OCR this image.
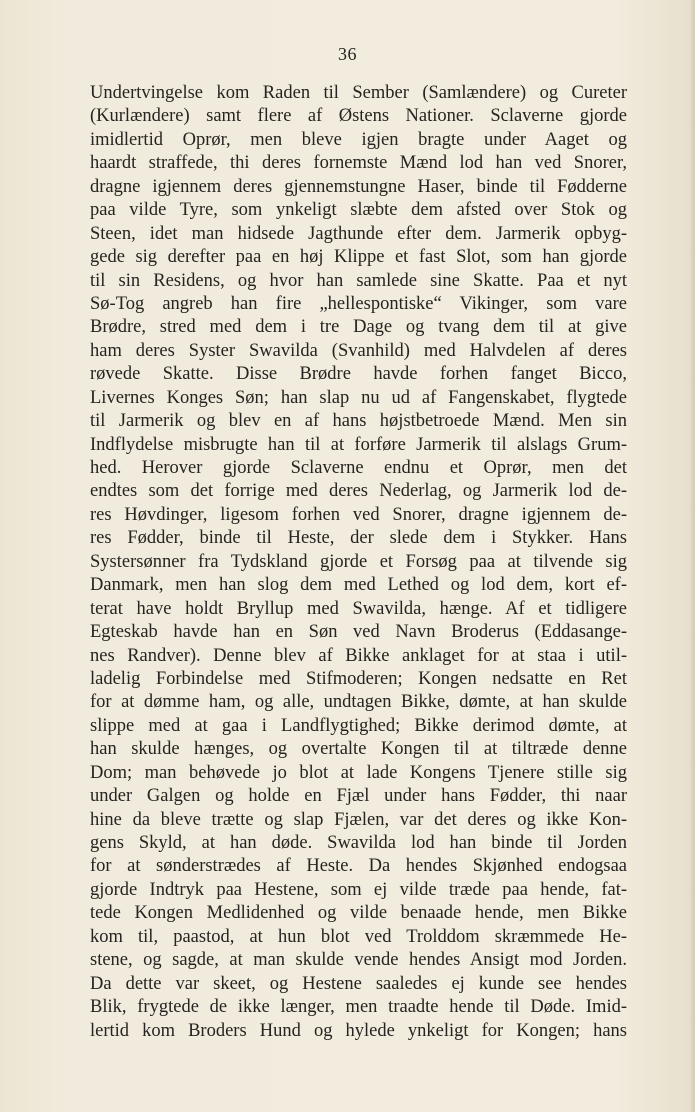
36
Undertvingelse kom Raden til Sember (Samlændere) og Cureter
(Kurlændere) samt flere af Østens Nationer. Sclaverne gjorde
imidlertid Oprør, men bleve igjen bragte under Aaget og
haardt straffede, thi deres fornemste Mænd lod han ved Snorer,
dragne igjennem deres gjennemstungne Haser, binde til Fødderne
paa vilde Tyre, som ynkeligt slæbte dem afsted over Stok og
Steen, idet man hidsede Jagthunde efter dem. Jarmerik opbyg-
gede sig derefter paa en høj Klippe et fast Slot, som han gjorde
til sin Residens, og hvor han samlede sine Skatte. Paa et nyt
Sø-Tog angreb han fire „hellespontiske“ Vikinger, som vare
Brødre, stred med dem i tre Dage og tvang dem til at give
ham deres Syster Swavilda (Svanhild) med Halvdelen af deres
røvede Skatte. Disse Brødre havde forhen fanget Bicco,
Livernes Konges Søn; han slap nu ud af Fangenskabet, flygtede
til Jarmerik og blev en af hans højstbetroede Mænd. Men sin
Indflydelse misbrugte han til at forføre Jarmerik til alslags Grum-
hed. Herover gjorde Sclaverne endnu et Oprør, men det
endtes som det forrige med deres Nederlag, og Jarmerik lod de-
res Høvdinger, ligesom forhen ved Snorer, dragne igjennem de-
res Fødder, binde til Heste, der slede dem i Stykker. Hans
Systersønner fra Tydskland gjorde et Forsøg paa at tilvende sig
Danmark, men han slog dem med Lethed og lod dem, kort ef-
terat have holdt Bryllup med Swavilda, hænge. Af et tidligere
Egteskab havde han en Søn ved Navn Broderus (Eddasange-
nes Randver). Denne blev af Bikke anklaget for at staa i util-
ladelig Forbindelse med Stifmoderen; Kongen nedsatte en Ret
for at dømme ham, og alle, undtagen Bikke, dømte, at han skulde
slippe med at gaa i Landflygtighed; Bikke derimod dømte, at
han skulde hænges, og overtalte Kongen til at tiltræde denne
Dom; man behøvede jo blot at lade Kongens Tjenere stille sig
under Galgen og holde en Fjæl under hans Fødder, thi naar
hine da bleve trætte og slap Fjælen, var det deres og ikke Kon-
gens Skyld, at han døde. Swavilda lod han binde til Jorden
for at sønderstrædes af Heste. Da hendes Skjønhed endogsaa
gjorde Indtryk paa Hestene, som ej vilde træde paa hende, fat-
tede Kongen Medlidenhed og vilde benaade hende, men Bikke
kom til, paastod, at hun blot ved Trolddom skræmmede He-
stene, og sagde, at man skulde vende hendes Ansigt mod Jorden.
Da dette var skeet, og Hestene saaledes ej kunde see hendes
Blik, frygtede de ikke længer, men traadte hende til Døde. Imid-
lertid kom Broders Hund og hylede ynkeligt for Kongen; hans
